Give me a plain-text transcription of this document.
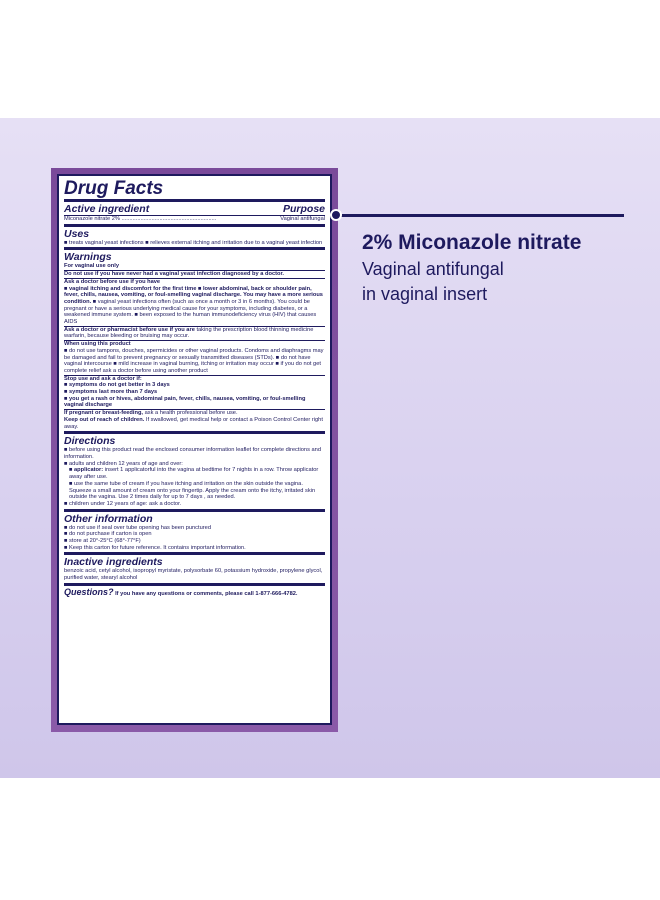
Drug Facts
Active ingredient	Purpose
Miconazole nitrate 2% ............................................................	Vaginal antifungal
Uses
■ treats vaginal yeast infections ■ relieves external itching and irritation due to a vaginal yeast infection
Warnings
For vaginal use only
Do not use if you have never had a vaginal yeast infection diagnosed by a doctor.
Ask a doctor before use if you have
■ vaginal itching and discomfort for the first time ■ lower abdominal, back or shoulder pain, fever, chills, nausea, vomiting, or foul-smelling vaginal discharge. You may have a more serious condition. ■ vaginal yeast infections often (such as once a month or 3 in 6 months). You could be pregnant or have a serious underlying medical cause for your symptoms, including diabetes, or a weakened immune system. ■ been exposed to the human immunodeficiency virus (HIV) that causes AIDS
Ask a doctor or pharmacist before use if you are taking the prescription blood thinning medicine warfarin, because bleeding or bruising may occur.
When using this product
■ do not use tampons, douches, spermicides or other vaginal products. Condoms and diaphragms may be damaged and fail to prevent pregnancy or sexually transmitted diseases (STDs). ■ do not have vaginal intercourse ■ mild increase in vaginal burning, itching or irritation may occur ■ if you do not get complete relief ask a doctor before using another product
Stop use and ask a doctor if:
■ symptoms do not get better in 3 days
■ symptoms last more than 7 days
■ you get a rash or hives, abdominal pain, fever, chills, nausea, vomiting, or foul-smelling vaginal discharge
If pregnant or breast-feeding, ask a health professional before use.
Keep out of reach of children. If swallowed, get medical help or contact a Poison Control Center right away.
Directions
■ before using this product read the enclosed consumer information leaflet for complete directions and information.
■ adults and children 12 years of age and over:
■ applicator: insert 1 applicatorful into the vagina at bedtime for 7 nights in a row. Throw applicator away after use.
■ use the same tube of cream if you have itching and irritation on the skin outside the vagina. Squeeze a small amount of cream onto your fingertip. Apply the cream onto the itchy, irritated skin outside the vagina. Use 2 times daily for up to 7 days , as needed.
■ children under 12 years of age: ask a doctor.
Other information
■ do not use if seal over tube opening has been punctured
■ do not purchase if carton is open
■ store at 20°-25°C (68°-77°F)
■ Keep this carton for future reference. It contains important information.
Inactive ingredients
benzoic acid, cetyl alcohol, isopropyl myristate, polysorbate 60, potassium hydroxide, propylene glycol, purified water, stearyl alcohol
Questions? If you have any questions or comments, please call 1-877-666-4782.
2% Miconazole nitrate
Vaginal antifungal
in vaginal insert
